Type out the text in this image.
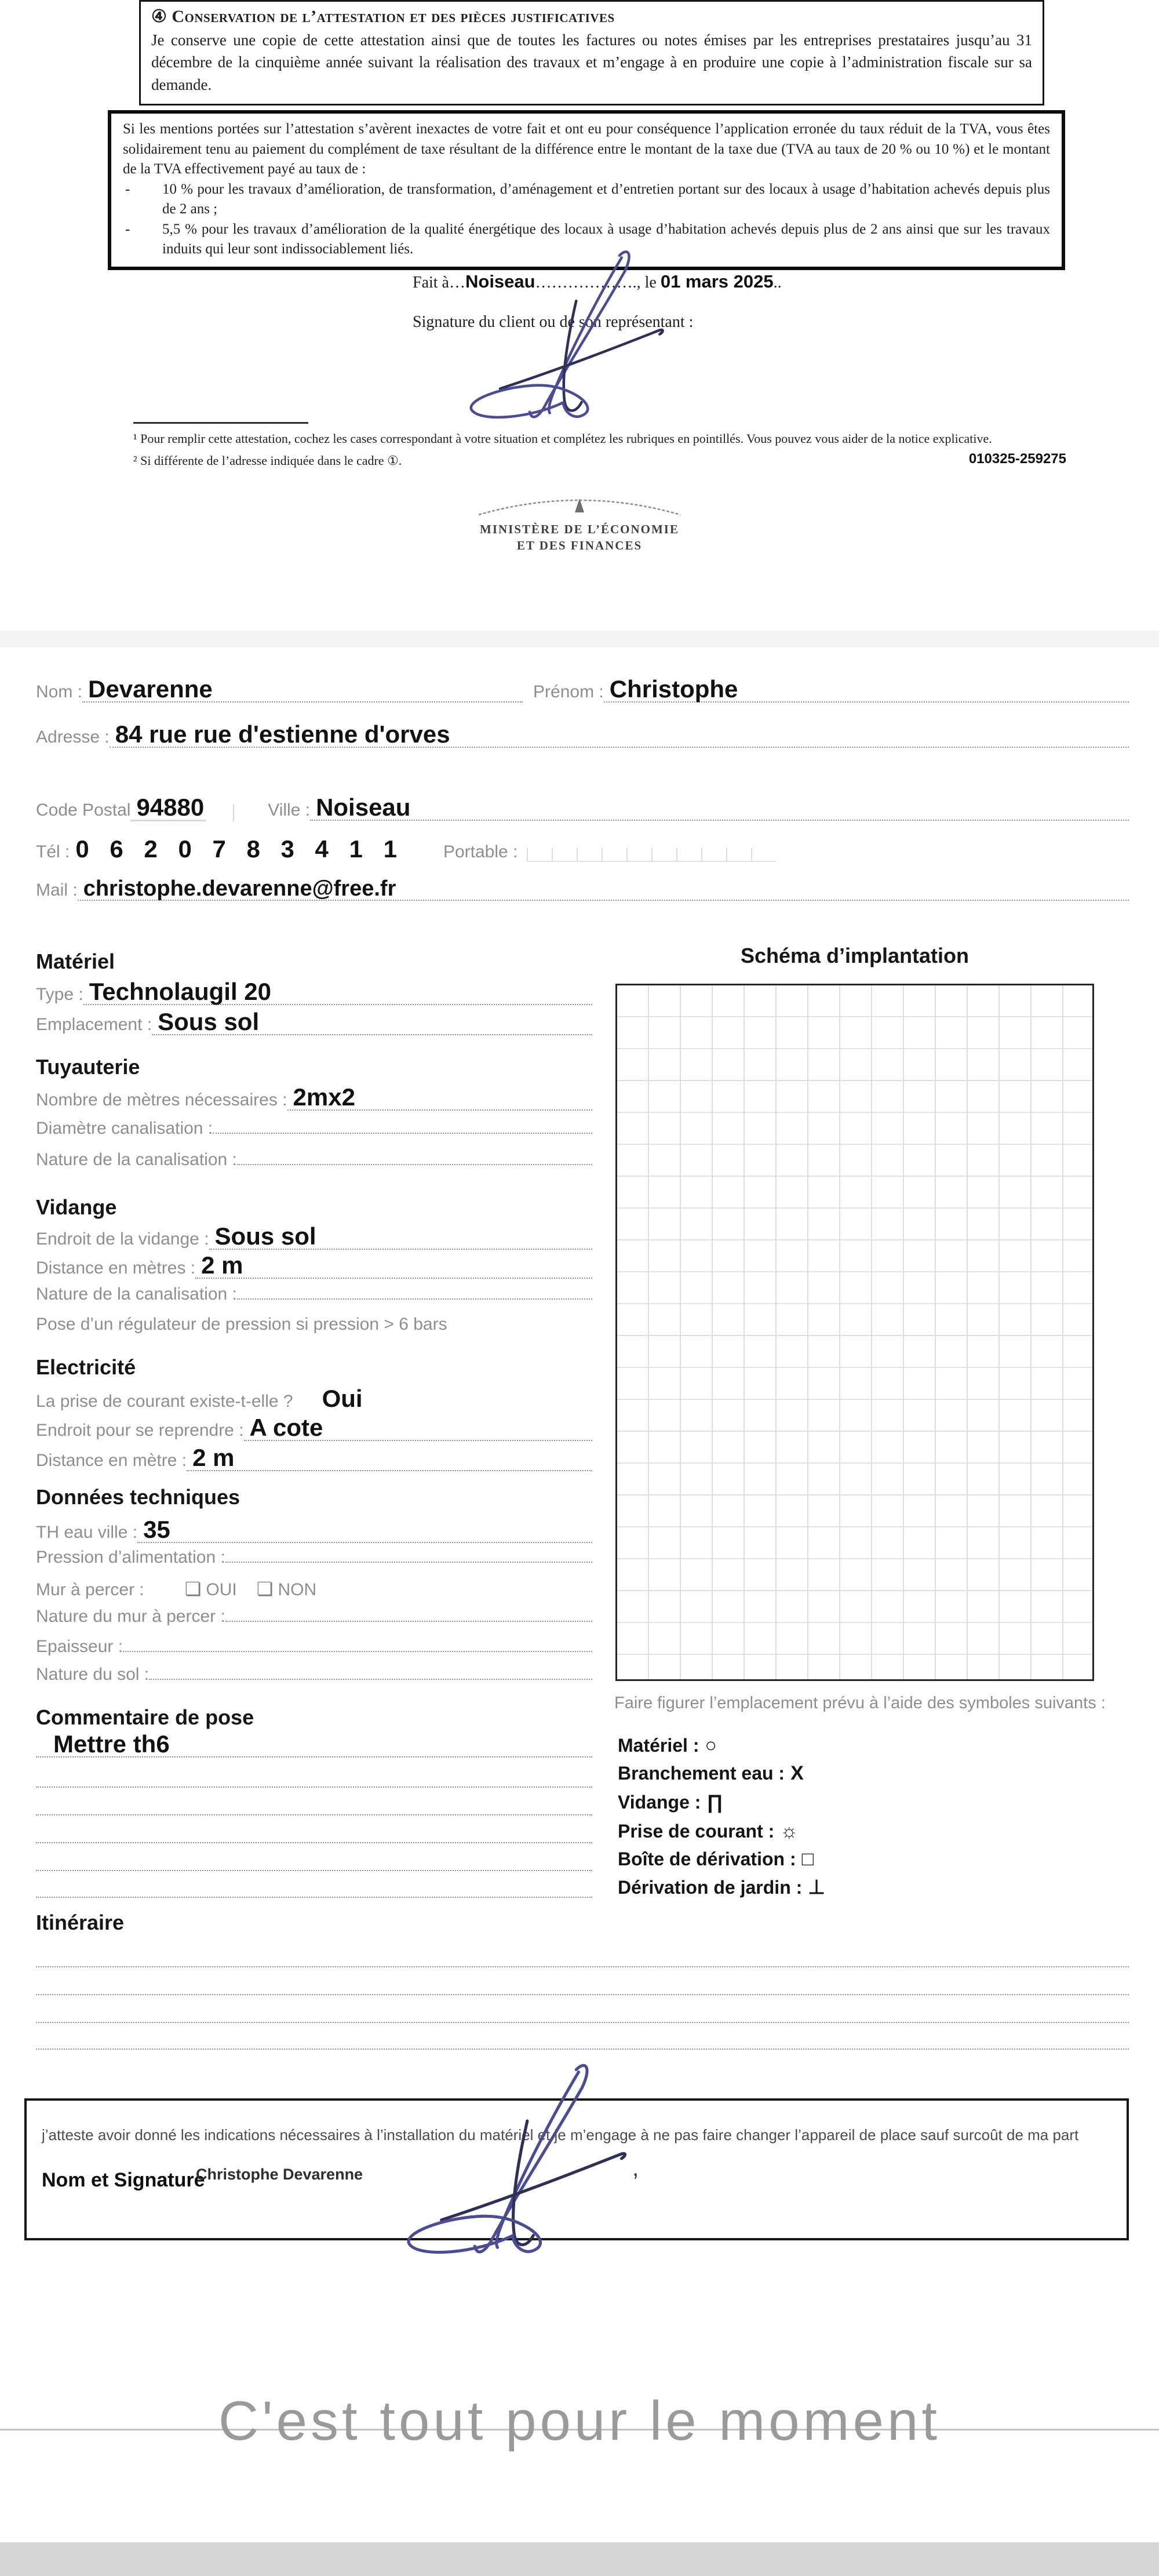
④ Conservation de l’attestation et des pièces justificatives

Je conserve une copie de cette attestation ainsi que de toutes les factures ou notes émises par les entreprises prestataires jusqu’au 31 décembre de la cinquième année suivant la réalisation des travaux et m’engage à en produire une copie à l’administration fiscale sur sa demande.

Si les mentions portées sur l’attestation s’avèrent inexactes de votre fait et ont eu pour conséquence l’application erronée du taux réduit de la TVA, vous êtes solidairement tenu au paiement du complément de taxe résultant de la différence entre le montant de la taxe due (TVA au taux de 20 % ou 10 %) et le montant de la TVA effectivement payé au taux de :

-	10 % pour les travaux d’amélioration, de transformation, d’aménagement et d’entretien portant sur des locaux à usage d’habitation achevés depuis plus de 2 ans ;
-	5,5 % pour les travaux d’amélioration de la qualité énergétique des locaux à usage d’habitation achevés depuis plus de 2 ans ainsi que sur les travaux induits qui leur sont indissociablement liés.
Fait à…Noiseau………………., le 01 mars 2025..
Signature du client ou de son représentant :
¹ Pour remplir cette attestation, cochez les cases correspondant à votre situation et complétez les rubriques en pointillés. Vous pouvez vous aider de la notice explicative.
² Si différente de l’adresse indiquée dans le cadre ①.	010325-259275
MINISTÈRE DE L’ÉCONOMIE
ET DES FINANCES
Nom : Devarenne	Prénom : Christophe
Adresse : 84 rue rue d'estienne d'orves
Code Postal 94880	Ville : Noiseau
Tél : 0 6 2 0 7 8 3 4 1 1 Portable :
Mail : christophe.devarenne@free.fr
Matériel
Type : Technolaugil 20
Emplacement : Sous sol
Tuyauterie
Nombre de mètres nécessaires : 2mx2
Diamètre canalisation :
Nature de la canalisation :
Vidange
Endroit de la vidange : Sous sol
Distance en mètres : 2 m
Nature de la canalisation :
Pose d’un régulateur de pression si pression > 6 bars
Electricité
La prise de courant existe-t-elle ? Oui
Endroit pour se reprendre : A cote
Distance en mètre : 2 m
Données techniques
TH eau ville : 35
Pression d’alimentation :
Mur à percer : ❏ OUI	❏ NON
Nature du mur à percer :
Epaisseur :
Nature du sol :
Commentaire de pose
Mettre th6
Schéma d’implantation
Faire figurer l’emplacement prévu à l’aide des symboles suivants :
Matériel : ○
Branchement eau : X
Vidange : ∏
Prise de courant : ☼
Boîte de dérivation : □
Dérivation de jardin : ⊥
Itinéraire
j’atteste avoir donné les indications nécessaires à l’installation du matériel et je m’engage à ne pas faire changer l’appareil de place sauf surcoût de ma part
Nom et Signature
Christophe Devarenne	’
C'est tout pour le moment
